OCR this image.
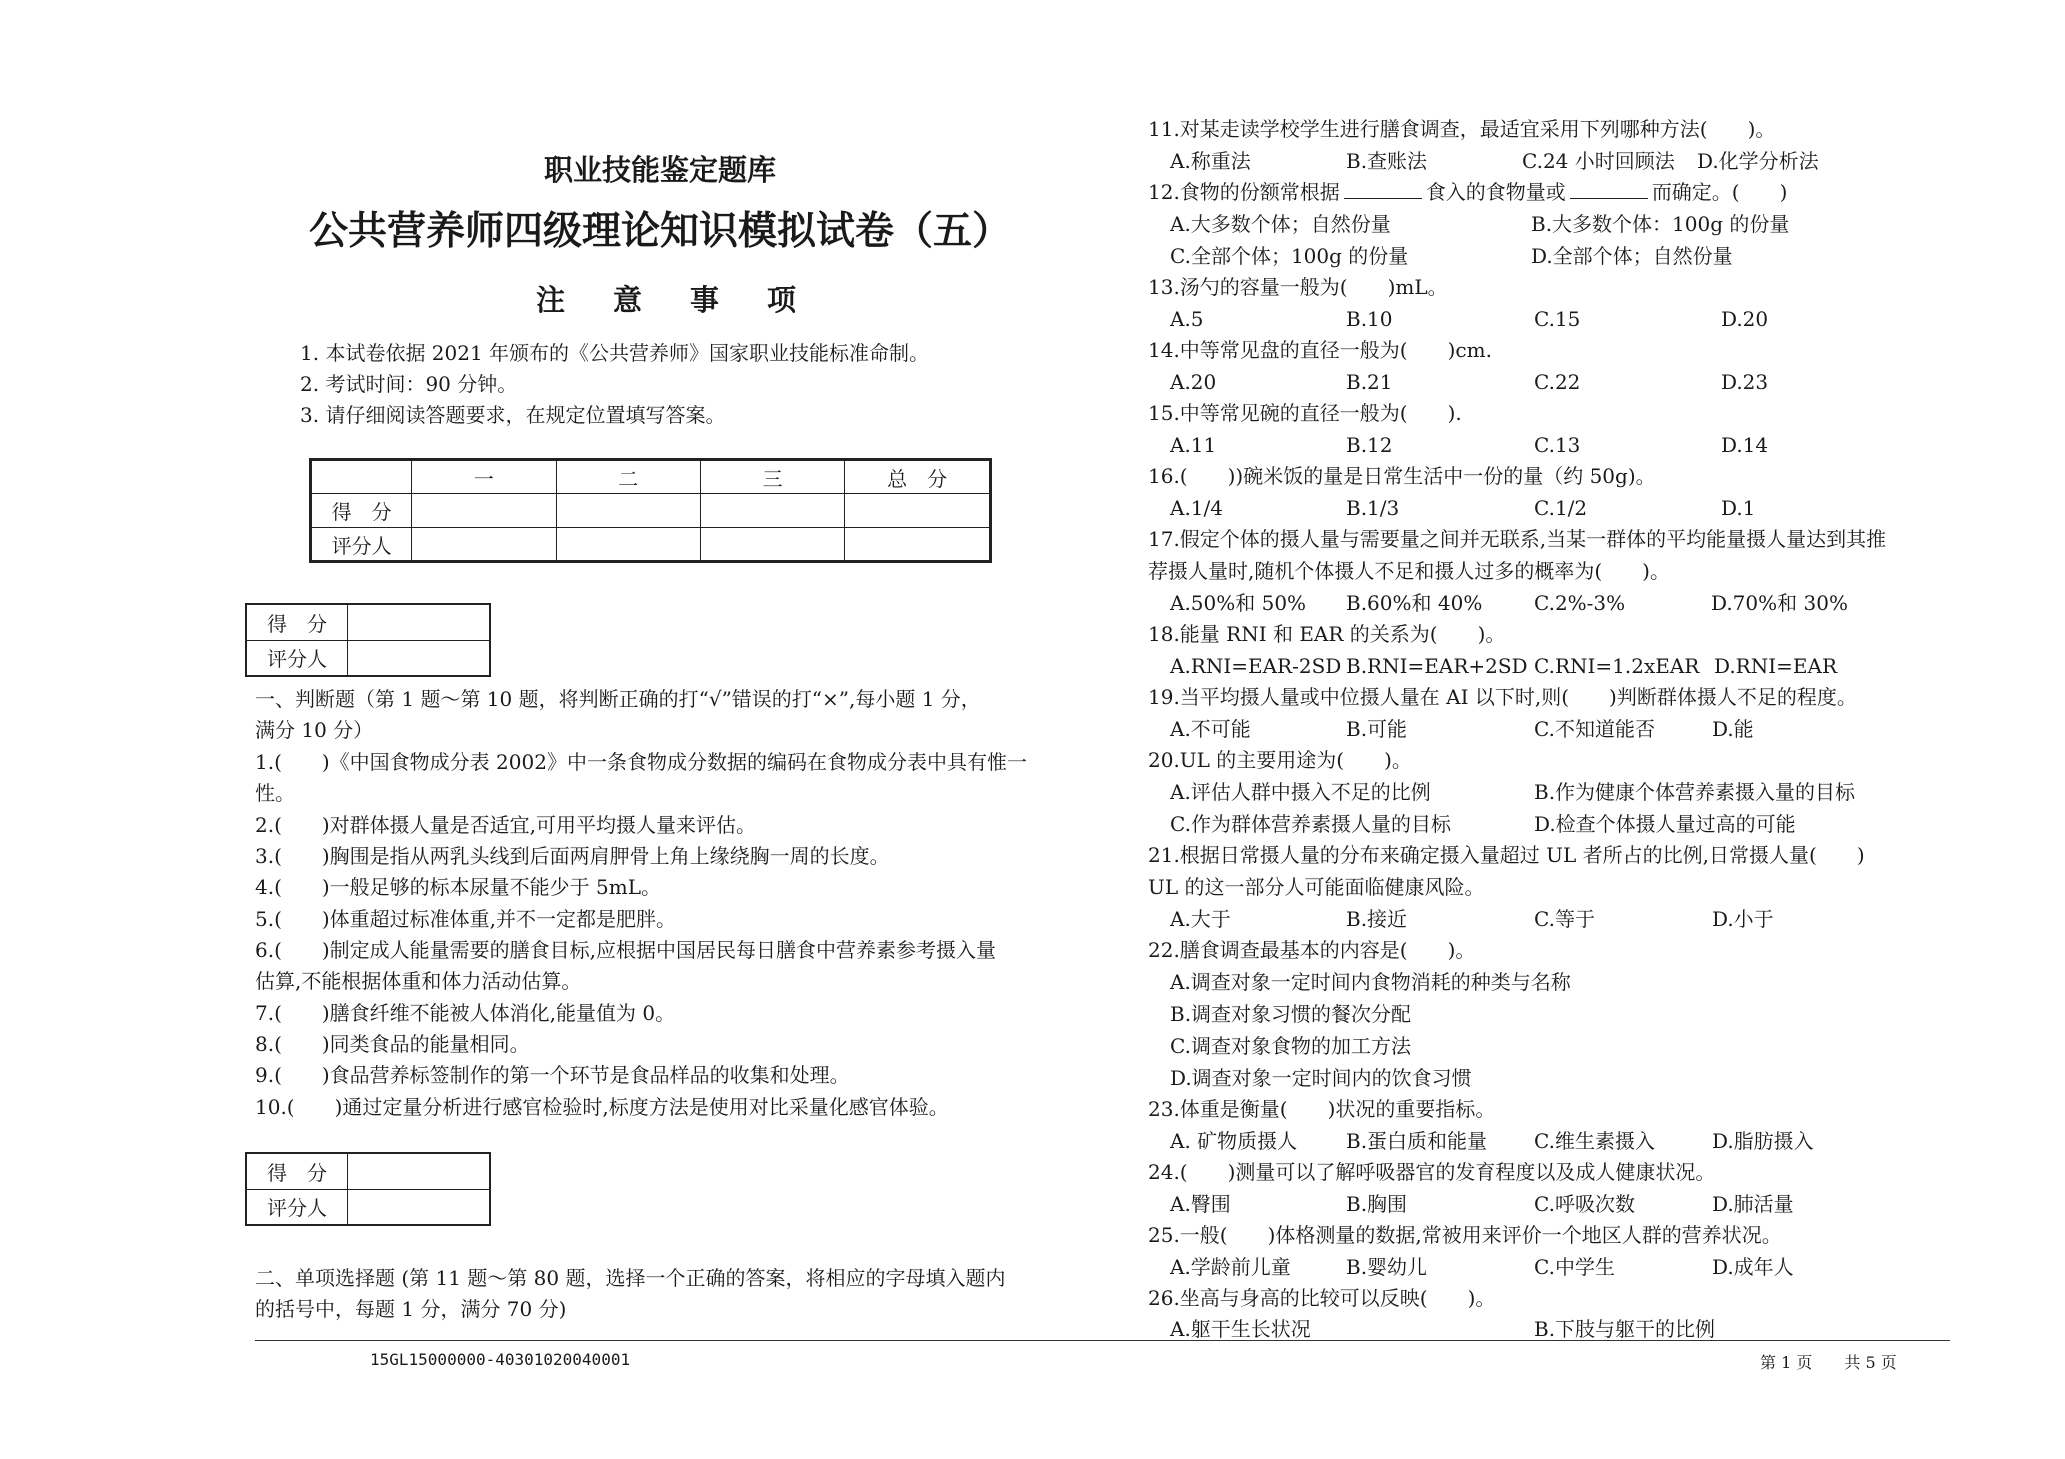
职业技能鉴定题库
公共营养师四级理论知识模拟试卷（五）
注意事项
1. 本试卷依据 2021 年颁布的《公共营养师》国家职业技能标准命制。
2. 考试时间：90 分钟。
3. 请仔细阅读答题要求，在规定位置填写答案。
	一	二	三	总　分
得　分				
评分人				
得　分	
评分人	
一、判断题（第 1 题～第 10 题，将判断正确的打“√”错误的打“×”,每小题 1 分，
满分 10 分）
1.(　　)《中国食物成分表 2002》中一条食物成分数据的编码在食物成分表中具有惟一
性。
2.(　　)对群体摄人量是否适宜,可用平均摄人量来评估。
3.(　　)胸围是指从两乳头线到后面两肩胛骨上角上缘绕胸一周的长度。
4.(　　)一般足够的标本尿量不能少于 5mL。
5.(　　)体重超过标准体重,并不一定都是肥胖。
6.(　　)制定成人能量需要的膳食目标,应根据中国居民每日膳食中营养素参考摄入量
估算,不能根据体重和体力活动估算。
7.(　　)膳食纤维不能被人体消化,能量值为 0。
8.(　　)同类食品的能量相同。
9.(　　)食品营养标签制作的第一个环节是食品样品的收集和处理。
10.(　　)通过定量分析进行感官检验时,标度方法是使用对比采量化感官体验。
得　分	
评分人	
二、单项选择题 (第 11 题～第 80 题，选择一个正确的答案，将相应的字母填入题内
的括号中，每题 1 分，满分 70 分)
11.对某走读学校学生进行膳食调查，最适宜采用下列哪种方法(　　)。
A.称重法	B.查账法	C.24 小时回顾法 D.化学分析法
12.食物的份额常根据	食入的食物量或	而确定。(　　)
A.大多数个体；自然份量	B.大多数个体：100g 的份量
C.全部个体；100g 的份量	D.全部个体；自然份量
13.汤勺的容量一般为(　　)mL。
A.5	B.10	C.15	D.20
14.中等常见盘的直径一般为(　　)cm.
A.20	B.21	C.22	D.23
15.中等常见碗的直径一般为(　　).
A.11	B.12	C.13	D.14
16.(　　))碗米饭的量是日常生活中一份的量（约 50g)。
A.1/4	B.1/3	C.1/2	D.1
17.假定个体的摄人量与需要量之间并无联系,当某一群体的平均能量摄人量达到其推
荐摄人量时,随机个体摄人不足和摄人过多的概率为(　　)。
A.50%和 50% B.60%和 40%	C.2%-3%	D.70%和 30%
18.能量 RNI 和 EAR 的关系为(　　)。
A.RNI=EAR-2SD B.RNI=EAR+2SD C.RNI=1.2xEAR D.RNI=EAR
19.当平均摄人量或中位摄人量在 AI 以下时,则(　　)判断群体摄人不足的程度。
A.不可能	B.可能	C.不知道能否	D.能
20.UL 的主要用途为(　　)。
A.评估人群中摄入不足的比例	B.作为健康个体营养素摄入量的目标
C.作为群体营养素摄人量的目标	D.检查个体摄人量过高的可能
21.根据日常摄人量的分布来确定摄入量超过 UL 者所占的比例,日常摄人量(　　)
UL 的这一部分人可能面临健康风险。
A.大于	B.接近	C.等于	D.小于
22.膳食调查最基本的内容是(　　)。
A.调查对象一定时间内食物消耗的种类与名称
B.调查对象习惯的餐次分配
C.调查对象食物的加工方法
D.调查对象一定时间内的饮食习惯
23.体重是衡量(　　)状况的重要指标。
A. 矿物质摄人 B.蛋白质和能量 C.维生素摄入	D.脂肪摄入
24.(　　)测量可以了解呼吸器官的发育程度以及成人健康状况。
A.臀围	B.胸围	C.呼吸次数	D.肺活量
25.一般(　　)体格测量的数据,常被用来评价一个地区人群的营养状况。
A.学龄前儿童	B.婴幼儿	C.中学生	D.成年人
26.坐高与身高的比较可以反映(　　)。
A.躯干生长状况	B.下肢与躯干的比例
15GL15000000-40301020040001	第 1 页　　共 5 页
